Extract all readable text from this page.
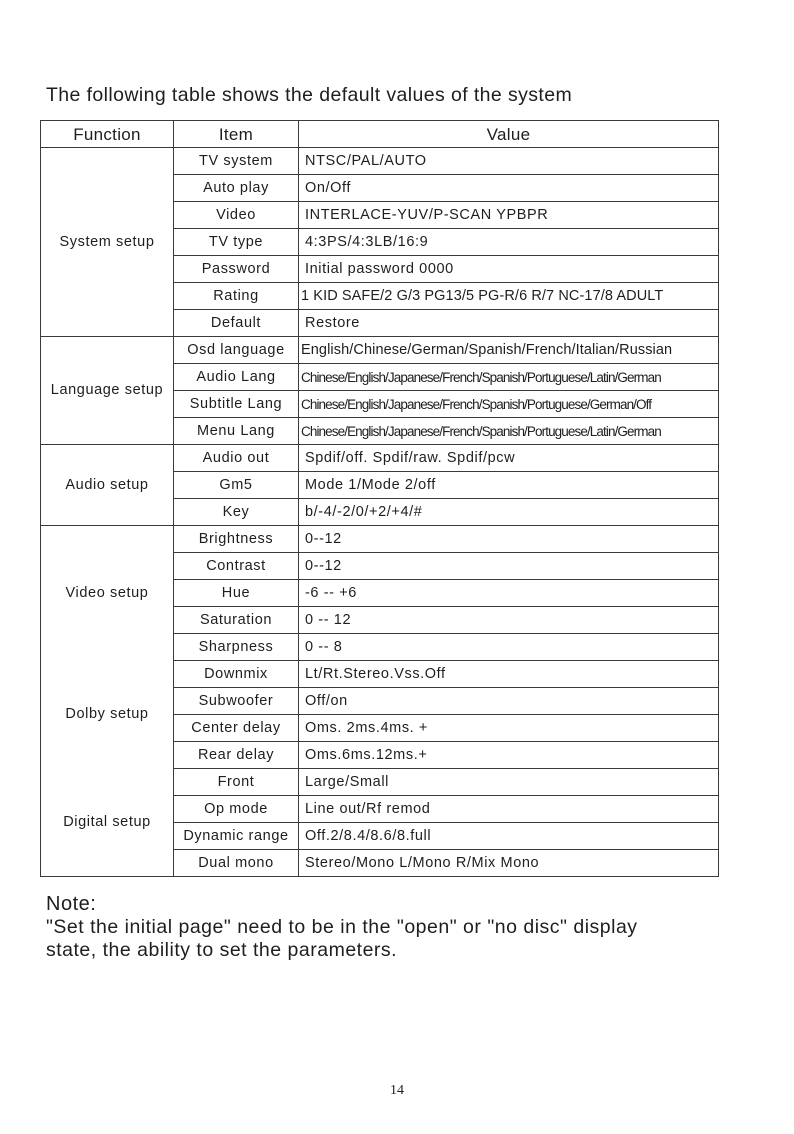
The following table shows the default values of the system
Function	Item	Value
System setup	TV system	NTSC/PAL/AUTO
	Auto play	On/Off
	Video	INTERLACE-YUV/P-SCAN YPBPR
	TV type	4:3PS/4:3LB/16:9
	Password	Initial password 0000
	Rating	1 KID SAFE/2 G/3 PG13/5 PG-R/6 R/7 NC-17/8 ADULT
	Default	Restore
Language setup	Osd language	English/Chinese/German/Spanish/French/Italian/Russian
	Audio Lang	Chinese/English/Japanese/French/Spanish/Portuguese/Latin/German
	Subtitle Lang	Chinese/English/Japanese/French/Spanish/Portuguese/German/Off
	Menu Lang	Chinese/English/Japanese/French/Spanish/Portuguese/Latin/German
Audio setup	Audio out	Spdif/off. Spdif/raw. Spdif/pcw
	Gm5	Mode 1/Mode 2/off
	Key	b/-4/-2/0/+2/+4/#
Video setup	Brightness	0--12
	Contrast	0--12
	Hue	-6 -- +6
	Saturation	0 -- 12
	Sharpness	0 -- 8
Dolby setup	Downmix	Lt/Rt.Stereo.Vss.Off
	Subwoofer	Off/on
	Center delay	Oms. 2ms.4ms. +
	Rear delay	Oms.6ms.12ms.+
Digital setup	Front	Large/Small
	Op mode	Line out/Rf remod
	Dynamic range	Off.2/8.4/8.6/8.full
	Dual mono	Stereo/Mono L/Mono R/Mix Mono
Note:
"Set the initial page" need to be in the "open" or "no disc" display
state, the ability to set the parameters.
14
